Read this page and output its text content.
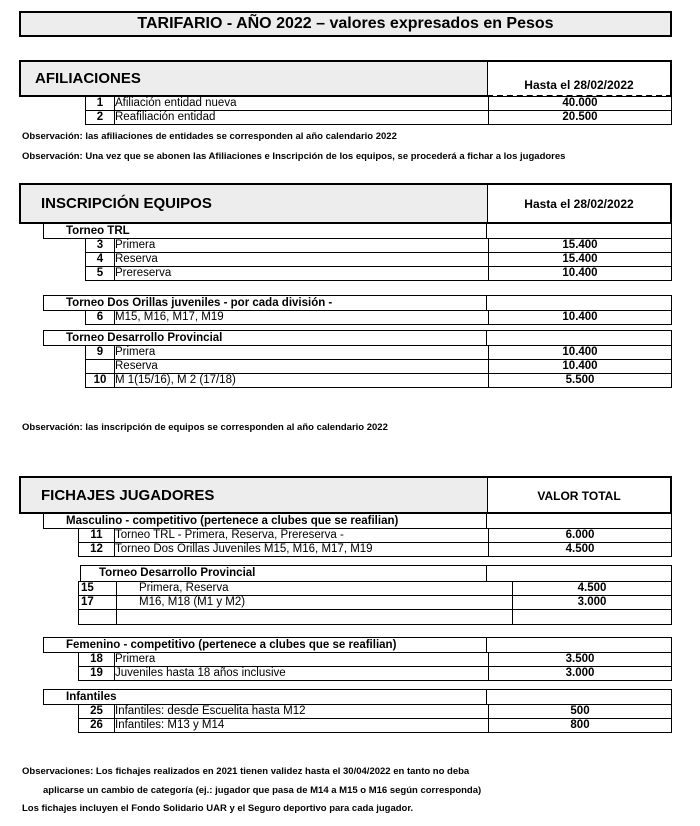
TARIFARIO - AÑO 2022 – valores expresados en Pesos
AFILIACIONES	Hasta el 28/02/2022
1	Afiliación entidad nueva	40.000
2	Reafiliación entidad	20.500
Observación: las afiliaciones de entidades se corresponden al año calendario 2022
Observación: Una vez que se abonen las Afiliaciones e Inscripción de los equipos, se procederá a fichar a los jugadores
INSCRIPCIÓN EQUIPOS	Hasta el 28/02/2022
Torneo TRL
3	Primera	15.400
4	Reserva	15.400
5	Prereserva	10.400
Torneo Dos Orillas juveniles - por cada división -
6	M15, M16, M17, M19	10.400
Torneo Desarrollo Provincial
9	Primera	10.400
	Reserva	10.400
10	M 1(15/16), M 2 (17/18)	5.500
Observación: las inscripción de equipos se corresponden al año calendario 2022
FICHAJES JUGADORES	VALOR TOTAL
Masculino - competitivo (pertenece a clubes que se reafilian)
11	Torneo TRL - Primera, Reserva, Prereserva -	6.000
12	Torneo Dos Orillas Juveniles M15, M16, M17, M19	4.500
Torneo Desarrollo Provincial
15	Primera, Reserva	4.500
17	M16, M18 (M1 y M2)	3.000

Femenino - competitivo (pertenece a clubes que se reafilian)
18	Primera	3.500
19	Juveniles hasta 18 años inclusive	3.000
Infantiles
25	Infantiles: desde Escuelita hasta M12	500
26	Infantiles: M13 y M14	800
Observaciones: Los fichajes realizados en 2021 tienen validez hasta el 30/04/2022 en tanto no deba
aplicarse un cambio de categoría (ej.: jugador que pasa de M14 a M15 o M16 según corresponda)
Los fichajes incluyen el Fondo Solidario UAR y el Seguro deportivo para cada jugador.
